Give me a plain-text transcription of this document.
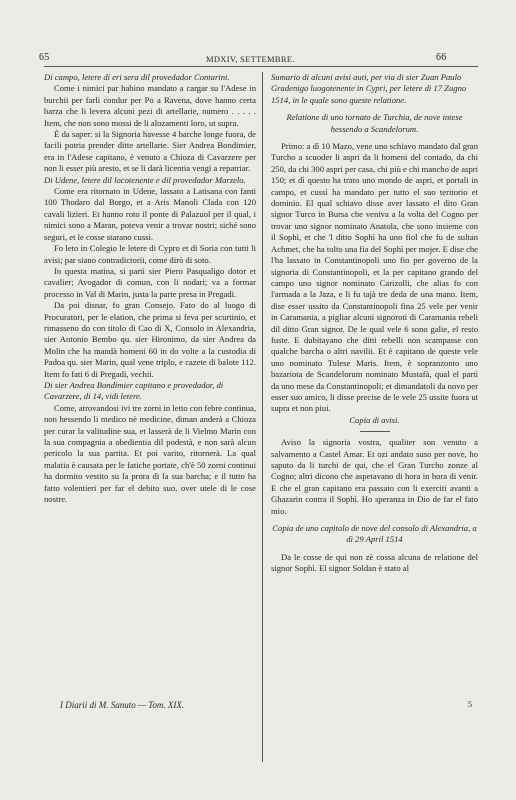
65	MDXIV, SETTEMBRE.	66

Di campo, letere di eri sera dil provedador Contarini.

Come i nimici par habino mandato a cargar su l'Adese in burchii per farli condur per Po a Ravena, dove hanno certa barza che li levera alcuni pezi di artellarie, numero . . . . . Item, che non sono mossi de li alozamenti loro, ut supra.

È da saper: si la Signoria havesse 4 barche longe fuora, de facili potria prender ditte artellarie. Sier Andrea Bondimier, era in l'Adese capitano, è venuto a Chioza di Cavarzere per non li esser più aresto, et se li darà licentia vengi a repatriar.

Di Udene, letere dil locotenente e dil provedador Marzelo.

Come era ritornato in Udene, lassato a Latisana con fanti 100 Thodaro dal Borgo, et a Aris Manoli Clada con 120 cavali lizieri. Et hanno roto il ponte di Palazuol per il qual, i nimici sono a Maran, poteva venir a trovar nostri; siché sono seguri, et le cosse starano cussì.

Fo leto in Colegio le letere di Cypro et di Soria con tutti li avisi; par siano contradictorii, come dirò di soto.

In questa matina, si partì sier Piero Pasqualigo dotor et cavalier; Avogador di comun, con li nodari; va a formar processo in Val di Marin, justa la parte presa in Pregadi.

Da poi disnar, fo gran Consejo. Fato do al luogo di Procuratori, per le elation, che prima si feva per scurtinio, et rimasseno do con titolo di Cao di X, Consolo in Alexandria, sier Antonio Bembo qu. sier Hironimo, da sier Andrea da Molin che ha mandà homeni 60 in do volte a la custodia di Padoa qu. sier Marin, qual vene triplo, e cazete di balote 112. Item fo fati 6 di Pregadi, vechii.

Di sier Andrea Bondimier capitano e provedador, di Cavarzere, di 14, vidi letere.

Come, atrovandosi ivi tre zorni in letto con febre continua, non hessendo li medico nè medicine, diman anderà a Chioza per curar la valitudine sua, et lasserà de li Vielmo Marin con la sua compagnia a obedientia dil podestà, e non sarà alcun pericolo la sua partita. Et poi varito, ritornerà. La qual malatia è causata per le fatiche portate, ch'è 50 zorni continui ha dormito vestito su la prora di la sua barcha; e il tutto ha fatto volentieri per far el debito suo, over utele di le cose nostre.

Sumario di alcuni avisi auti, per via di sier Zuan Paulo Gradenigo luogotenente in Cypri, per letere di 17 Zugno 1514, in le quale sono queste relatione.

Relatione di uno tornato de Turchia, de nove intese hessendo a Scandelorum.

Primo: a dì 10 Mazo, vene uno schiavo mandato dal gran Turcho a scuoder li aspri da li homeni del contado, da chi 250, da chi 300 aspri per casa, chi più e chi mancho de aspri 150; et dì questo ha trato uno mondo de aspri, et portali in campo, et cussì ha mandato per tutto el suo teritorio et dominio. El qual schiavo disse aver lassato el dito Gran signor Turco in Bursa che veniva a la volta del Cogno per trovar uno signor nominato Anatola, che sono insieme con il Sophì, et che 'l ditto Sophì ha uno fiol che fu de sultan Achmet, che ha tolto una fia del Sophì per mojer. E dise che l'ha lassato in Constantinopoli uno fio per governo de la signoria di Constantinopoli, et la per capitano grando del campo uno signor nominato Carizolli, che alias fo con l'armada a la Jaza, e li fu tajà tre deda de una mano. Item, dise esser ussito da Constantinopoli fina 25 vele per venir in Caramania, a pigliar alcuni signoroti di Caramania rebeli dil ditto Gran signor. De le qual vele 6 sono galie, el resto fuste. E dubitayano che ditti rebelli non scampasse con qualche barcha o altri navilii. Et è capitano de queste vele uno nominato Tulese Maris. Item, è sopranzonto uno bazariota de Scandelorum nominato Mustafà, qual el partì da uno mese da Constantinopoli; et dimandatoli da novo per esser suo amico, li disse precise de le vele 25 ussite fuora ut supra et non piui.

Copia di avisi.

Aviso la signoria vostra, qualiter son venuto a salvamento a Castel Amar. Et ozi andato suso per nove, ho saputo da li turchi de qui, che el Gran Turcho zonze al Cogno; altri dicono che aspetavano di hora in hora di venir. E che el gran capitano era passato con li exerciti avanti a Ghazarin contra il Sophì. Ho speranza in Dio de far el fato mio.

Copia de uno capitolo de nove del consolo di Alexandria, a dì 29 April 1514

Da le cosse de qui non zè cossa alcuna de relatione del signor Sophì. El signor Soldan è stato al

I Diarii di M. Sanuto — Tom. XIX.	5
